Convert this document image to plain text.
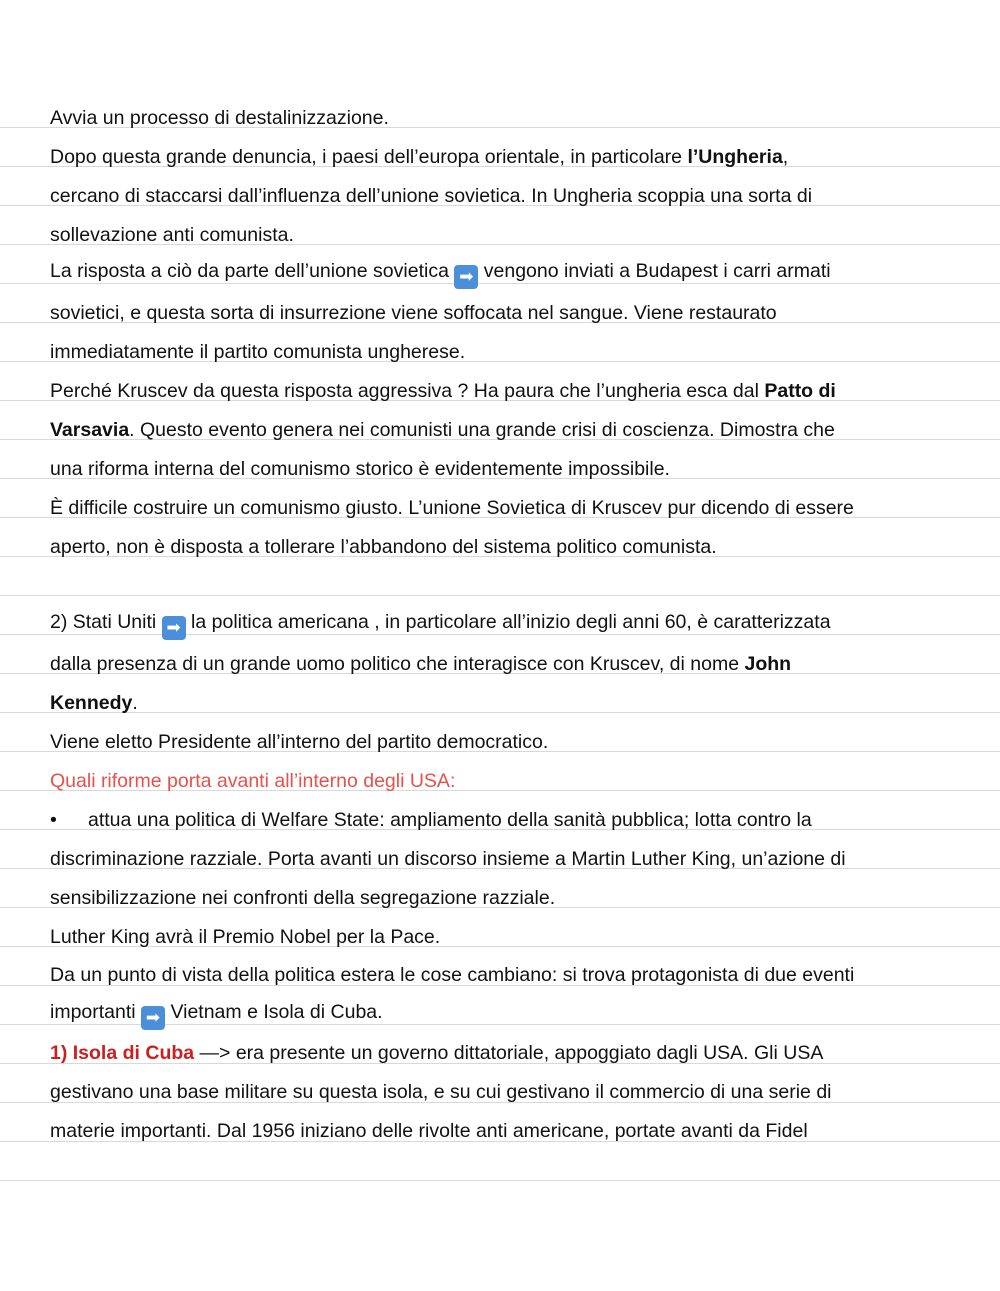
Avvia un processo di destalinizzazione.
Dopo questa grande denuncia, i paesi dell’europa orientale, in particolare l’Ungheria,
cercano di staccarsi dall’influenza dell’unione sovietica. In Ungheria scoppia una sorta di
sollevazione anti comunista.
La risposta a ciò da parte dell’unione sovietica ➡ vengono inviati a Budapest i carri armati
sovietici, e questa sorta di insurrezione viene soffocata nel sangue. Viene restaurato
immediatamente il partito comunista ungherese.
Perché Kruscev da questa risposta aggressiva ? Ha paura che l’ungheria esca dal Patto di
Varsavia. Questo evento genera nei comunisti una grande crisi di coscienza. Dimostra che
una riforma interna del comunismo storico è evidentemente impossibile.
È difficile costruire un comunismo giusto. L’unione Sovietica di Kruscev pur dicendo di essere
aperto, non è disposta a tollerare l’abbandono del sistema politico comunista.
2) Stati Uniti ➡ la politica americana , in particolare all’inizio degli anni 60, è caratterizzata
dalla presenza di un grande uomo politico che interagisce con Kruscev, di nome John
Kennedy.
Viene eletto Presidente all’interno del partito democratico.
Quali riforme porta avanti all’interno degli USA:
• attua una politica di Welfare State: ampliamento della sanità pubblica; lotta contro la
discriminazione razziale. Porta avanti un discorso insieme a Martin Luther King, un’azione di
sensibilizzazione nei confronti della segregazione razziale.
Luther King avrà il Premio Nobel per la Pace.
Da un punto di vista della politica estera le cose cambiano: si trova protagonista di due eventi
importanti ➡ Vietnam e Isola di Cuba.
1) Isola di Cuba —> era presente un governo dittatoriale, appoggiato dagli USA. Gli USA
gestivano una base militare su questa isola, e su cui gestivano il commercio di una serie di
materie importanti. Dal 1956 iniziano delle rivolte anti americane, portate avanti da Fidel
